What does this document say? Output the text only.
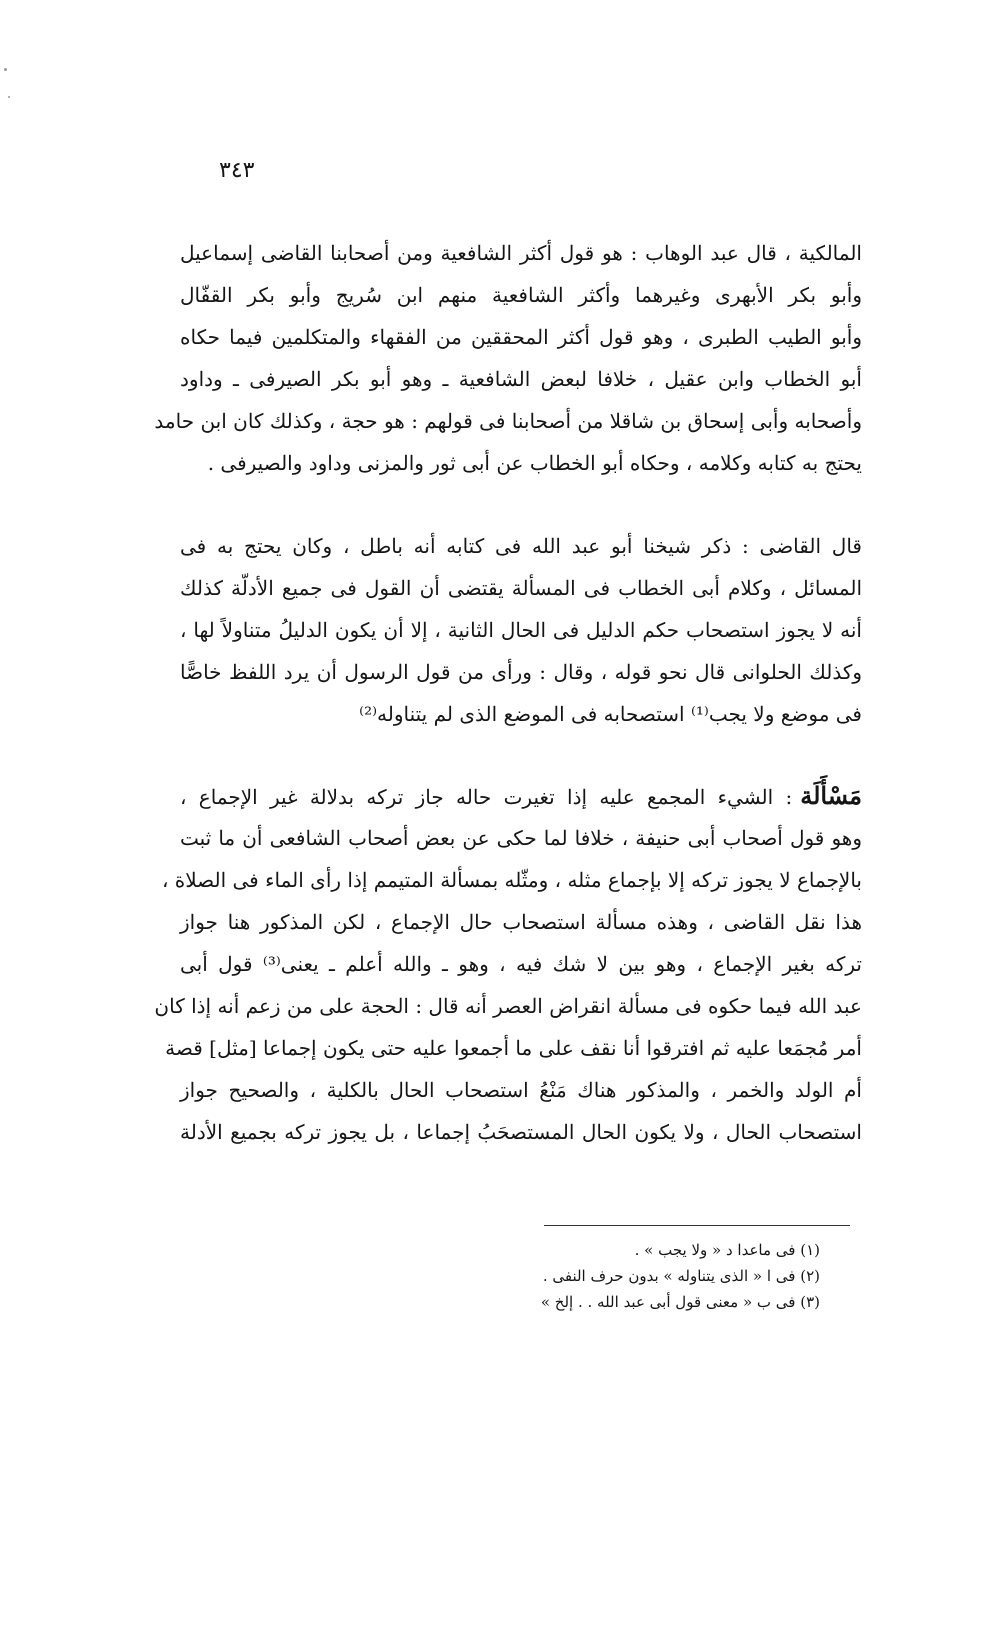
٣٤٣
المالكية ، قال عبد الوهاب : هو قول أكثر الشافعية ومن أصحابنا القاضى إسماعيل
وأبو بكر الأبهرى وغيرهما وأكثر الشافعية منهم ابن سُريج وأبو بكر القفّال
وأبو الطيب الطبرى ، وهو قول أكثر المحققين من الفقهاء والمتكلمين فيما حكاه
أبو الخطاب وابن عقيل ، خلافا لبعض الشافعية ـ وهو أبو بكر الصيرفى ـ وداود
وأصحابه وأبى إسحاق بن شاقلا من أصحابنا فى قولهم : هو حجة ، وكذلك كان ابن حامد
يحتج به كتابه وكلامه ، وحكاه أبو الخطاب عن أبى ثور والمزنى وداود والصيرفى .
قال القاضى : ذكر شيخنا أبو عبد الله فى كتابه أنه باطل ، وكان يحتج به فى
المسائل ، وكلام أبى الخطاب فى المسألة يقتضى أن القول فى جميع الأدلّة كذلك
أنه لا يجوز استصحاب حكم الدليل فى الحال الثانية ، إلا أن يكون الدليلُ متناولاً لها ،
وكذلك الحلوانى قال نحو قوله ، وقال : ورأى من قول الرسول أن يرد اللفظ خاصًّا
فى موضع ولا يجب⁽¹⁾ استصحابه فى الموضع الذى لم يتناوله⁽²⁾
مَسْأَلَة: الشيء المجمع عليه إذا تغيرت حاله جاز تركه بدلالة غير الإجماع ،
وهو قول أصحاب أبى حنيفة ، خلافا لما حكى عن بعض أصحاب الشافعى أن ما ثبت
بالإجماع لا يجوز تركه إلا بإجماع مثله ، ومثّله بمسألة المتيمم إذا رأى الماء فى الصلاة ،
هذا نقل القاضى ، وهذه مسألة استصحاب حال الإجماع ، لكن المذكور هنا جواز
تركه بغير الإجماع ، وهو بين لا شك فيه ، وهو ـ والله أعلم ـ يعنى⁽³⁾ قول أبى
عبد الله فيما حكوه فى مسألة انقراض العصر أنه قال : الحجة على من زعم أنه إذا كان
أمر مُجمَعا عليه ثم افترقوا أنا نقف على ما أجمعوا عليه حتى يكون إجماعا [مثل] قصة
أم الولد والخمر ، والمذكور هناك مَنْعُ استصحاب الحال بالكلية ، والصحيح جواز
استصحاب الحال ، ولا يكون الحال المستصحَبُ إجماعا ، بل يجوز تركه بجميع الأدلة
(١) فى ماعدا د « ولا يجب » .
(٢) فى ا « الذى يتناوله » بدون حرف النفى .
(٣) فى ب « معنى قول أبى عبد الله . . إلخ »
